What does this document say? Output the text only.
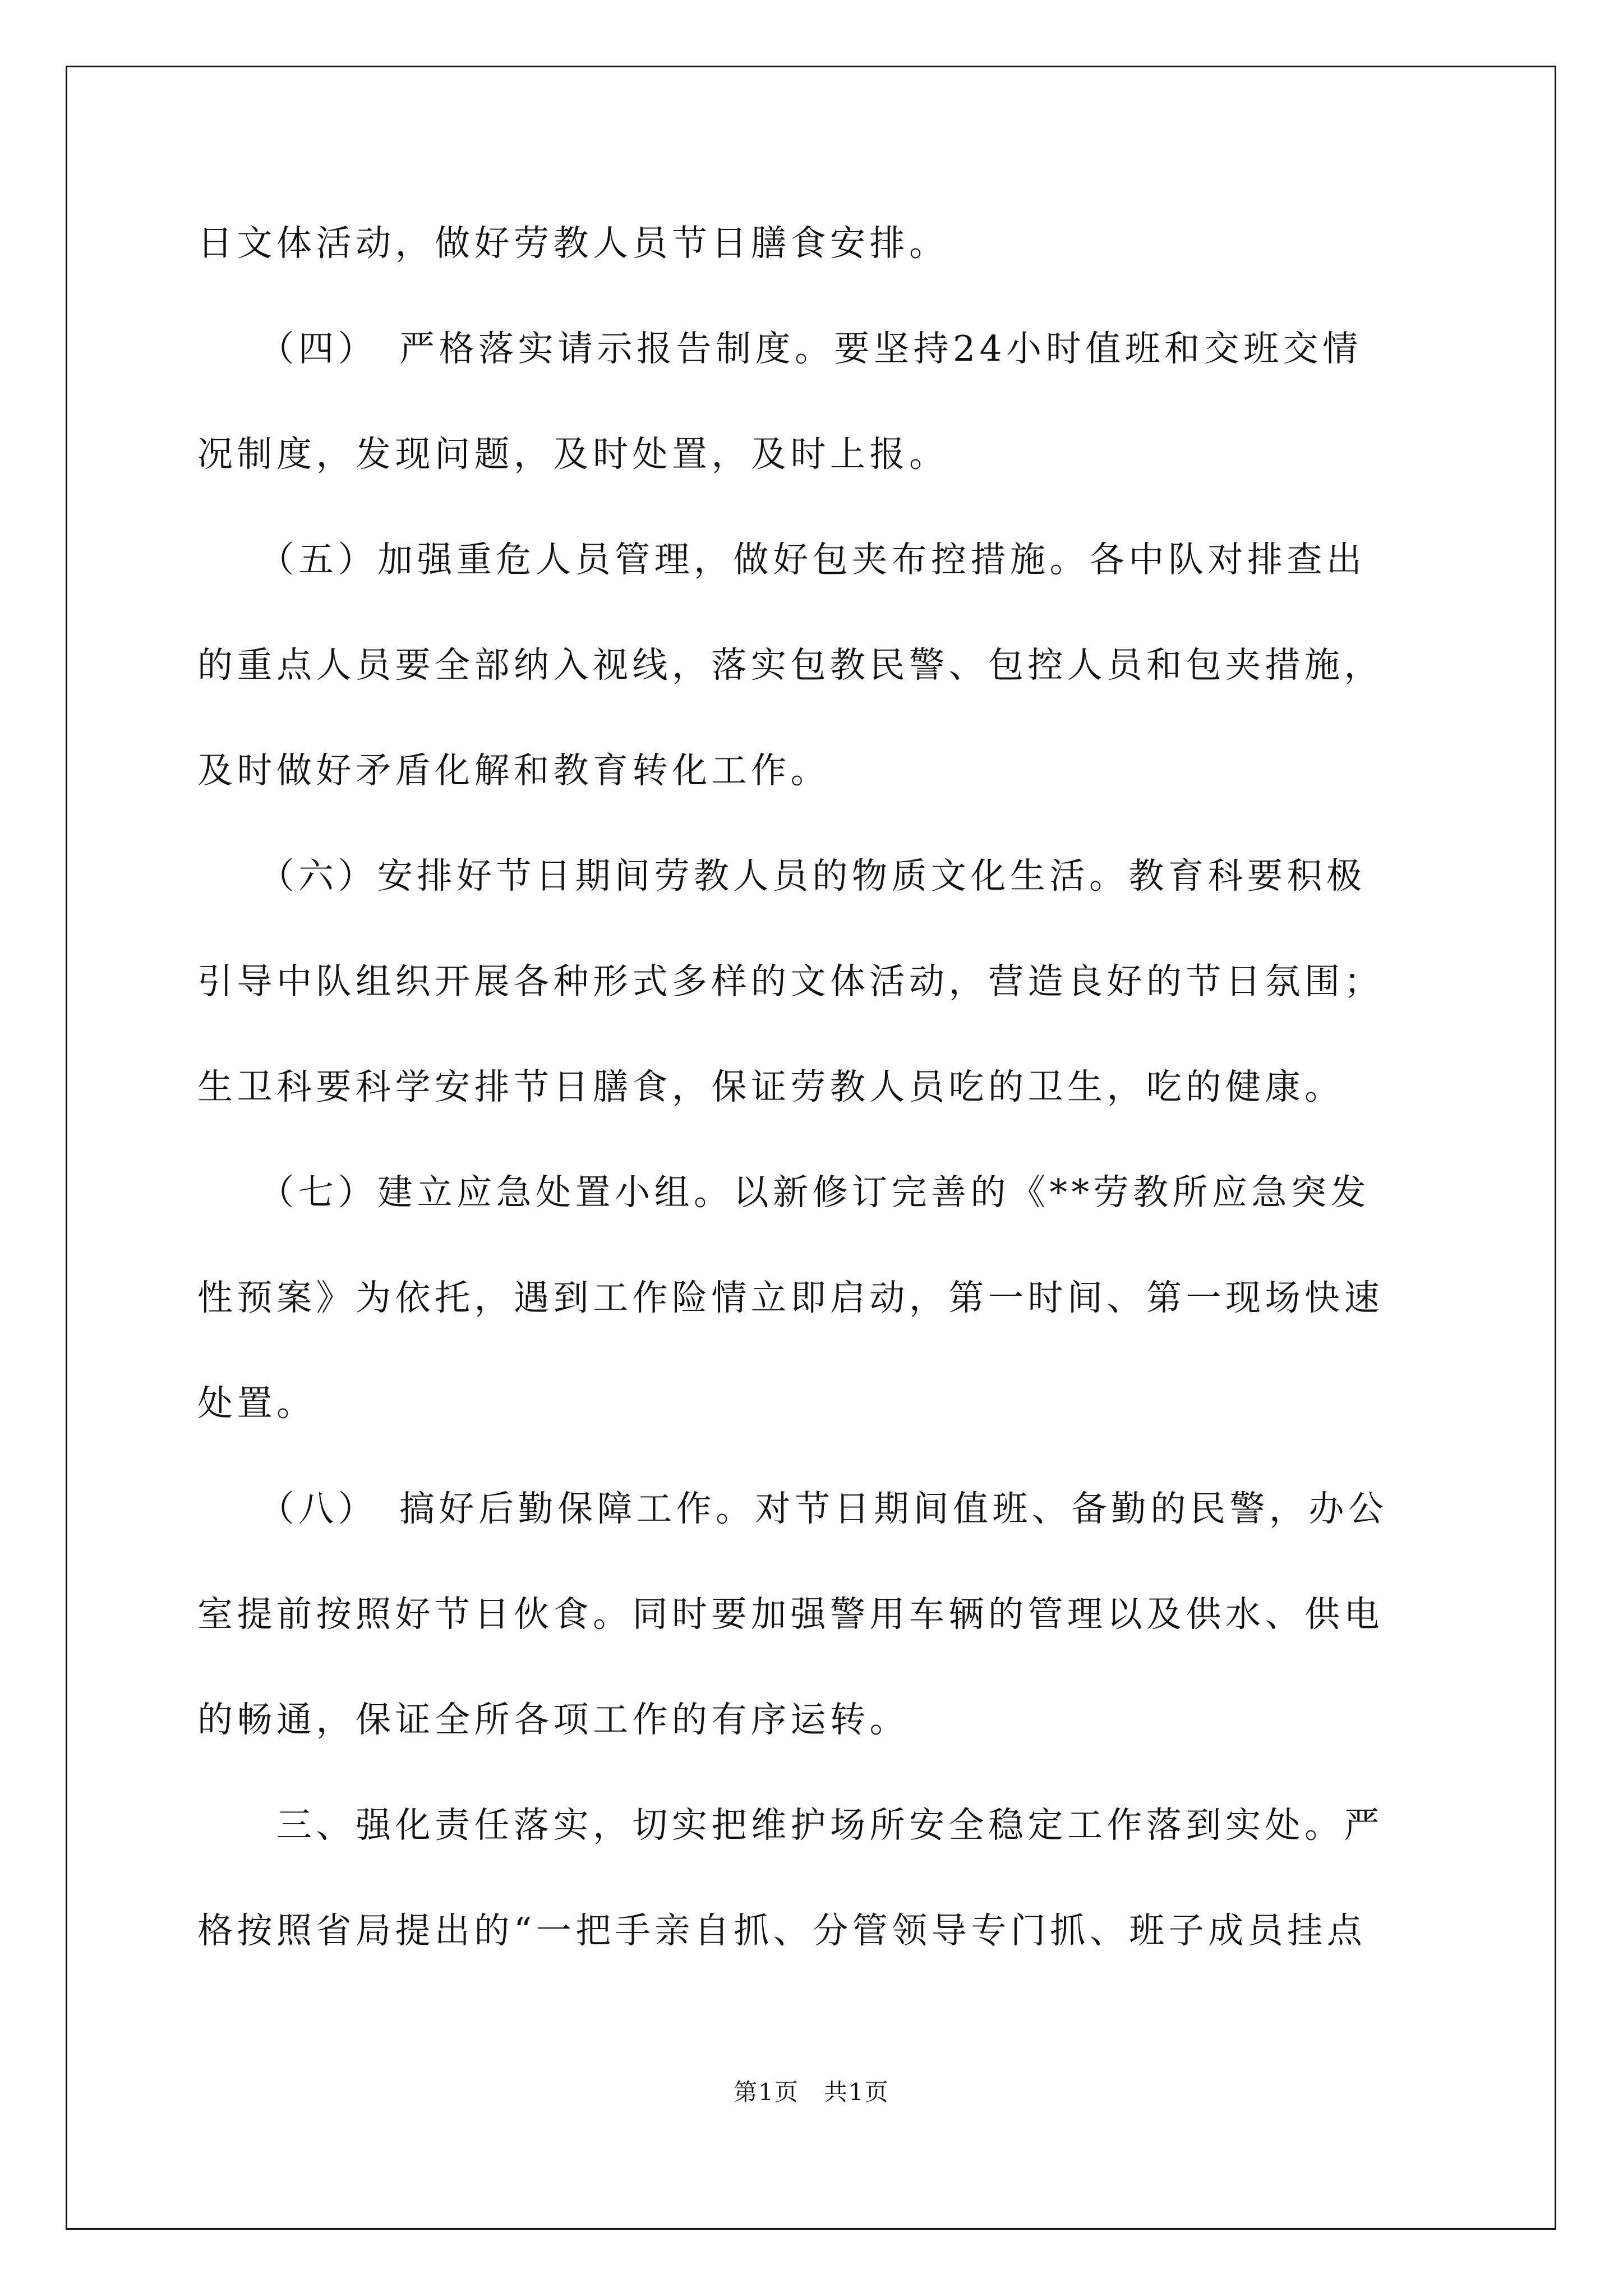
日文体活动，做好劳教人员节日膳食安排。
　　（四）　严格落实请示报告制度。要坚持24小时值班和交班交情
况制度，发现问题，及时处置，及时上报。
　　（五）加强重危人员管理，做好包夹布控措施。各中队对排查出
的重点人员要全部纳入视线，落实包教民警、包控人员和包夹措施，
及时做好矛盾化解和教育转化工作。
　　（六）安排好节日期间劳教人员的物质文化生活。教育科要积极
引导中队组织开展各种形式多样的文体活动，营造良好的节日氛围；
生卫科要科学安排节日膳食，保证劳教人员吃的卫生，吃的健康。
　　（七）建立应急处置小组。以新修订完善的《**劳教所应急突发
性预案》为依托，遇到工作险情立即启动，第一时间、第一现场快速
处置。
　　（八）　搞好后勤保障工作。对节日期间值班、备勤的民警，办公
室提前按照好节日伙食。同时要加强警用车辆的管理以及供水、供电
的畅通，保证全所各项工作的有序运转。
　　三、强化责任落实，切实把维护场所安全稳定工作落到实处。严
格按照省局提出的“一把手亲自抓、分管领导专门抓、班子成员挂点
第1页　共1页
